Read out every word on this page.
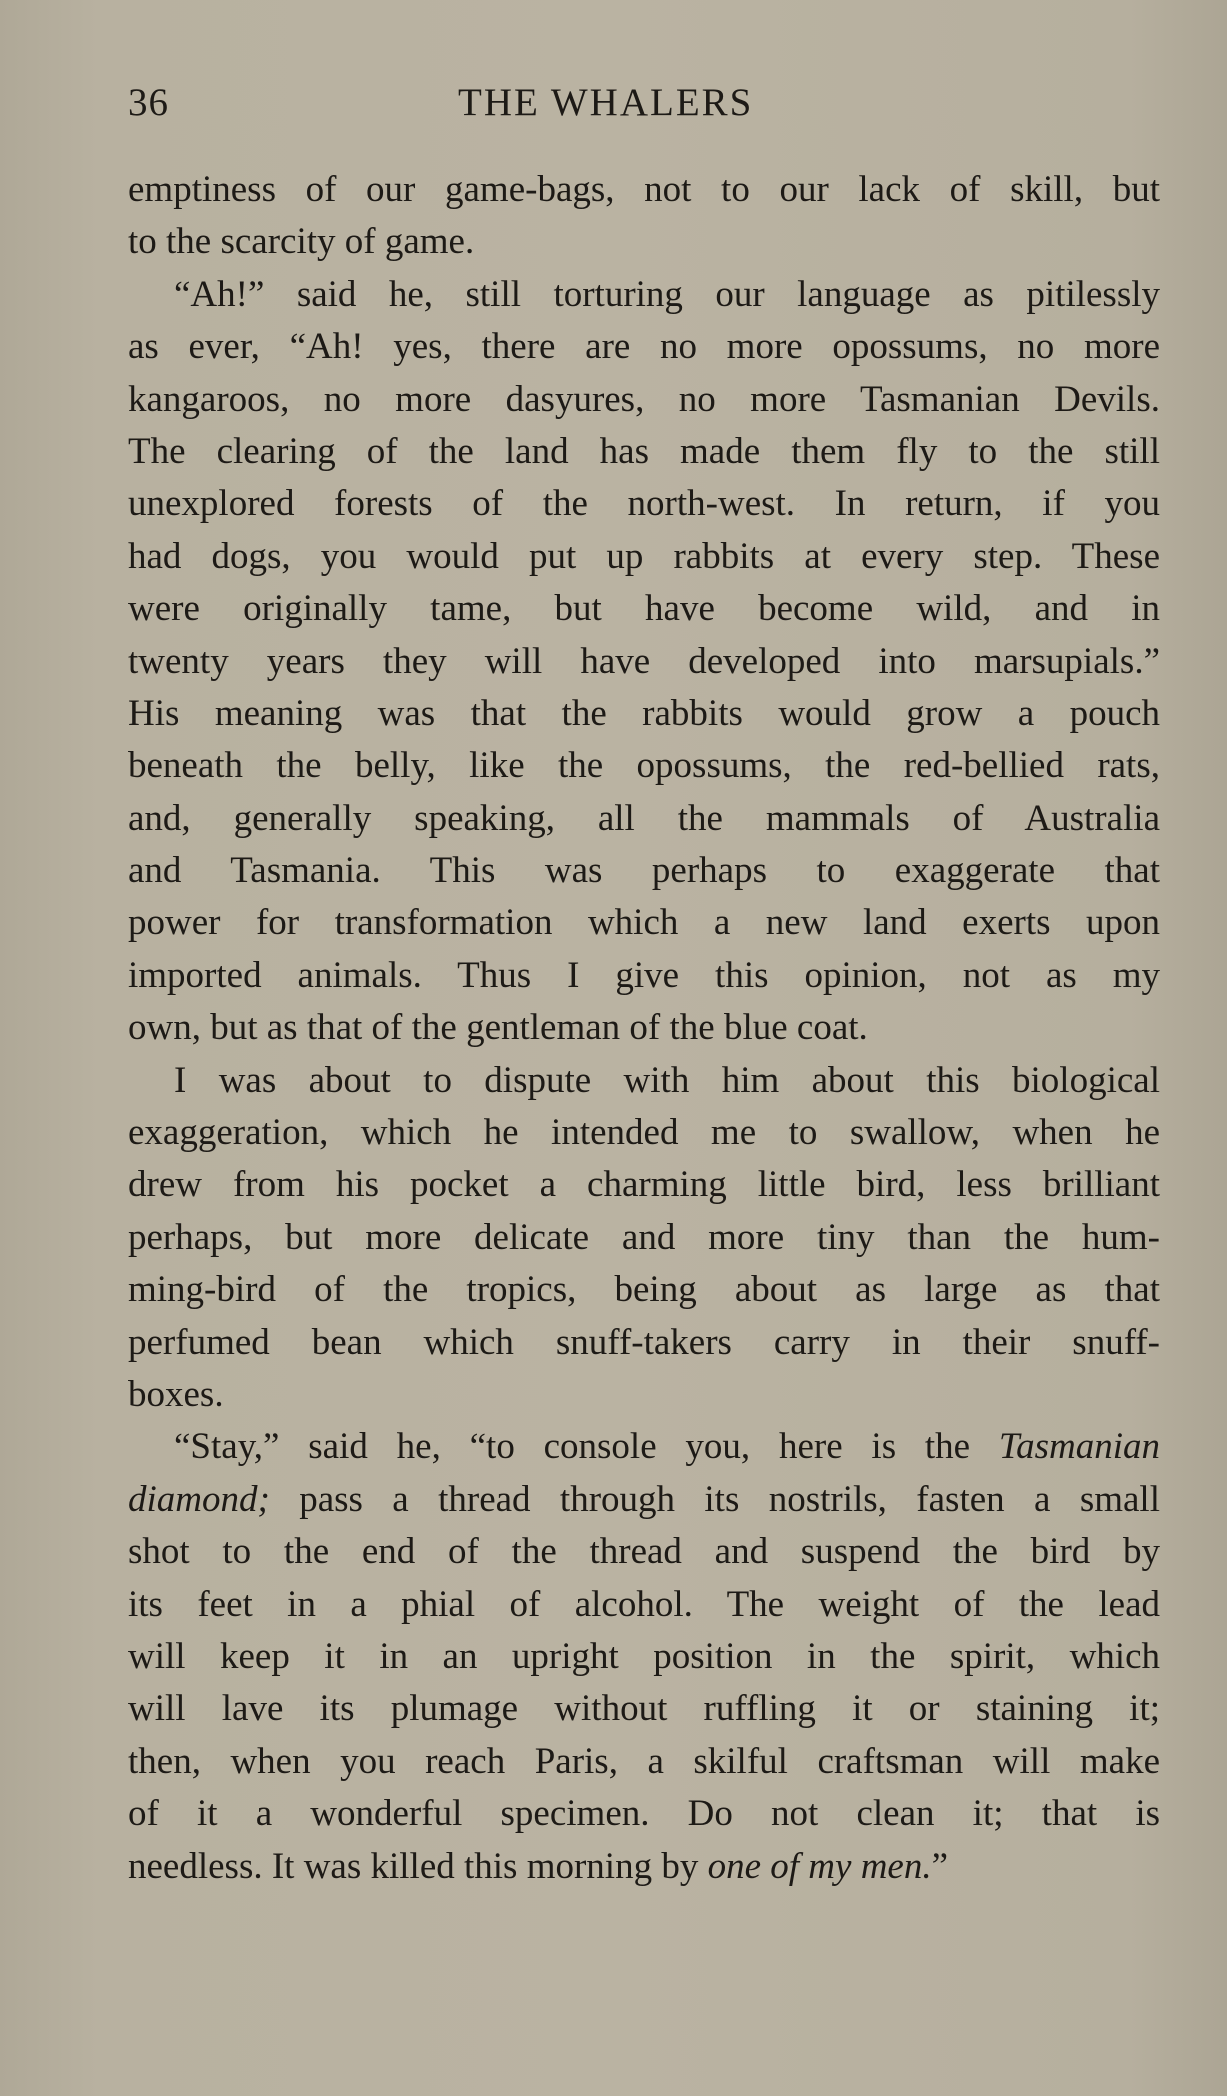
36	THE WHALERS
emptiness of our game-bags, not to our lack of skill, but
to the scarcity of game.
“Ah!” said he, still torturing our language as pitilessly
as ever, “Ah! yes, there are no more opossums, no more
kangaroos, no more dasyures, no more Tasmanian Devils.
The clearing of the land has made them fly to the still
unexplored forests of the north-west. In return, if you
had dogs, you would put up rabbits at every step. These
were originally tame, but have become wild, and in
twenty years they will have developed into marsupials.”
His meaning was that the rabbits would grow a pouch
beneath the belly, like the opossums, the red-bellied rats,
and, generally speaking, all the mammals of Australia
and Tasmania. This was perhaps to exaggerate that
power for transformation which a new land exerts upon
imported animals. Thus I give this opinion, not as my
own, but as that of the gentleman of the blue coat.
I was about to dispute with him about this biological
exaggeration, which he intended me to swallow, when he
drew from his pocket a charming little bird, less brilliant
perhaps, but more delicate and more tiny than the hum-
ming-bird of the tropics, being about as large as that
perfumed bean which snuff-takers carry in their snuff-
boxes.
“Stay,” said he, “to console you, here is the Tasmanian
diamond; pass a thread through its nostrils, fasten a small
shot to the end of the thread and suspend the bird by
its feet in a phial of alcohol. The weight of the lead
will keep it in an upright position in the spirit, which
will lave its plumage without ruffling it or staining it;
then, when you reach Paris, a skilful craftsman will make
of it a wonderful specimen. Do not clean it; that is
needless. It was killed this morning by one of my men.”
